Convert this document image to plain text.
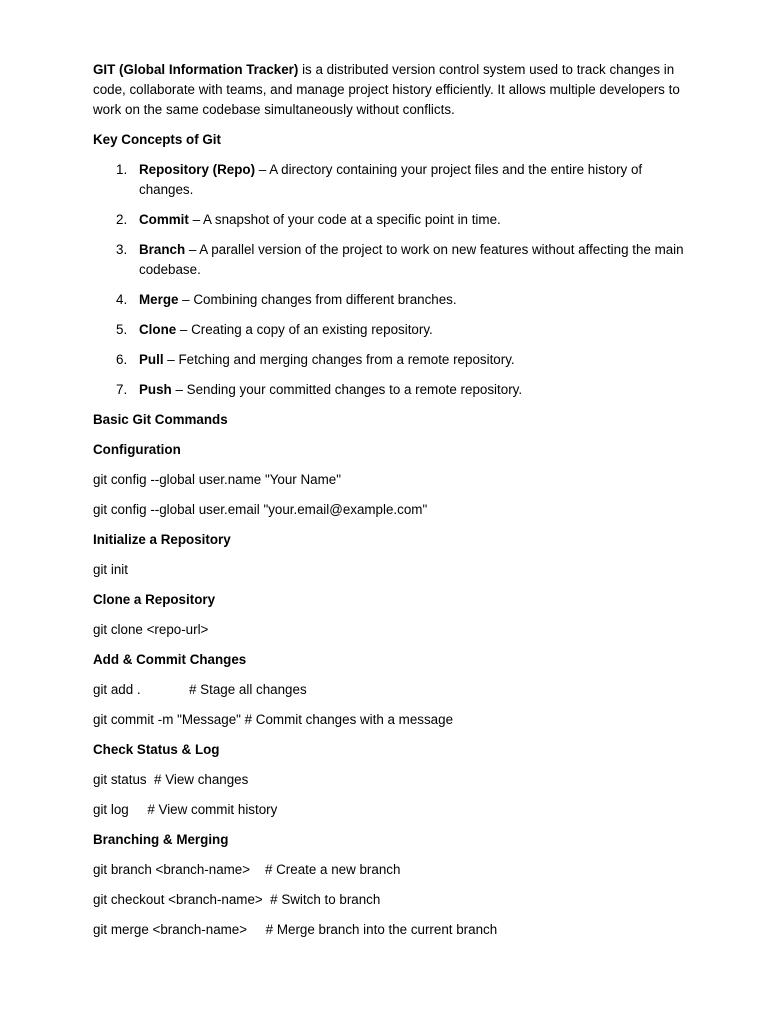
GIT (Global Information Tracker) is a distributed version control system used to track changes in code, collaborate with teams, and manage project history efficiently. It allows multiple developers to work on the same codebase simultaneously without conflicts.

Key Concepts of Git
1. Repository (Repo) – A directory containing your project files and the entire history of changes.
2. Commit – A snapshot of your code at a specific point in time.
3. Branch – A parallel version of the project to work on new features without affecting the main codebase.
4. Merge – Combining changes from different branches.
5. Clone – Creating a copy of an existing repository.
6. Pull – Fetching and merging changes from a remote repository.
7. Push – Sending your committed changes to a remote repository.
Basic Git Commands
Configuration
git config --global user.name "Your Name"
git config --global user.email "your.email@example.com"
Initialize a Repository
git init
Clone a Repository
git clone <repo-url>
Add & Commit Changes
git add .             # Stage all changes
git commit -m "Message" # Commit changes with a message
Check Status & Log
git status  # View changes
git log     # View commit history
Branching & Merging
git branch <branch-name>    # Create a new branch
git checkout <branch-name>  # Switch to branch
git merge <branch-name>     # Merge branch into the current branch
